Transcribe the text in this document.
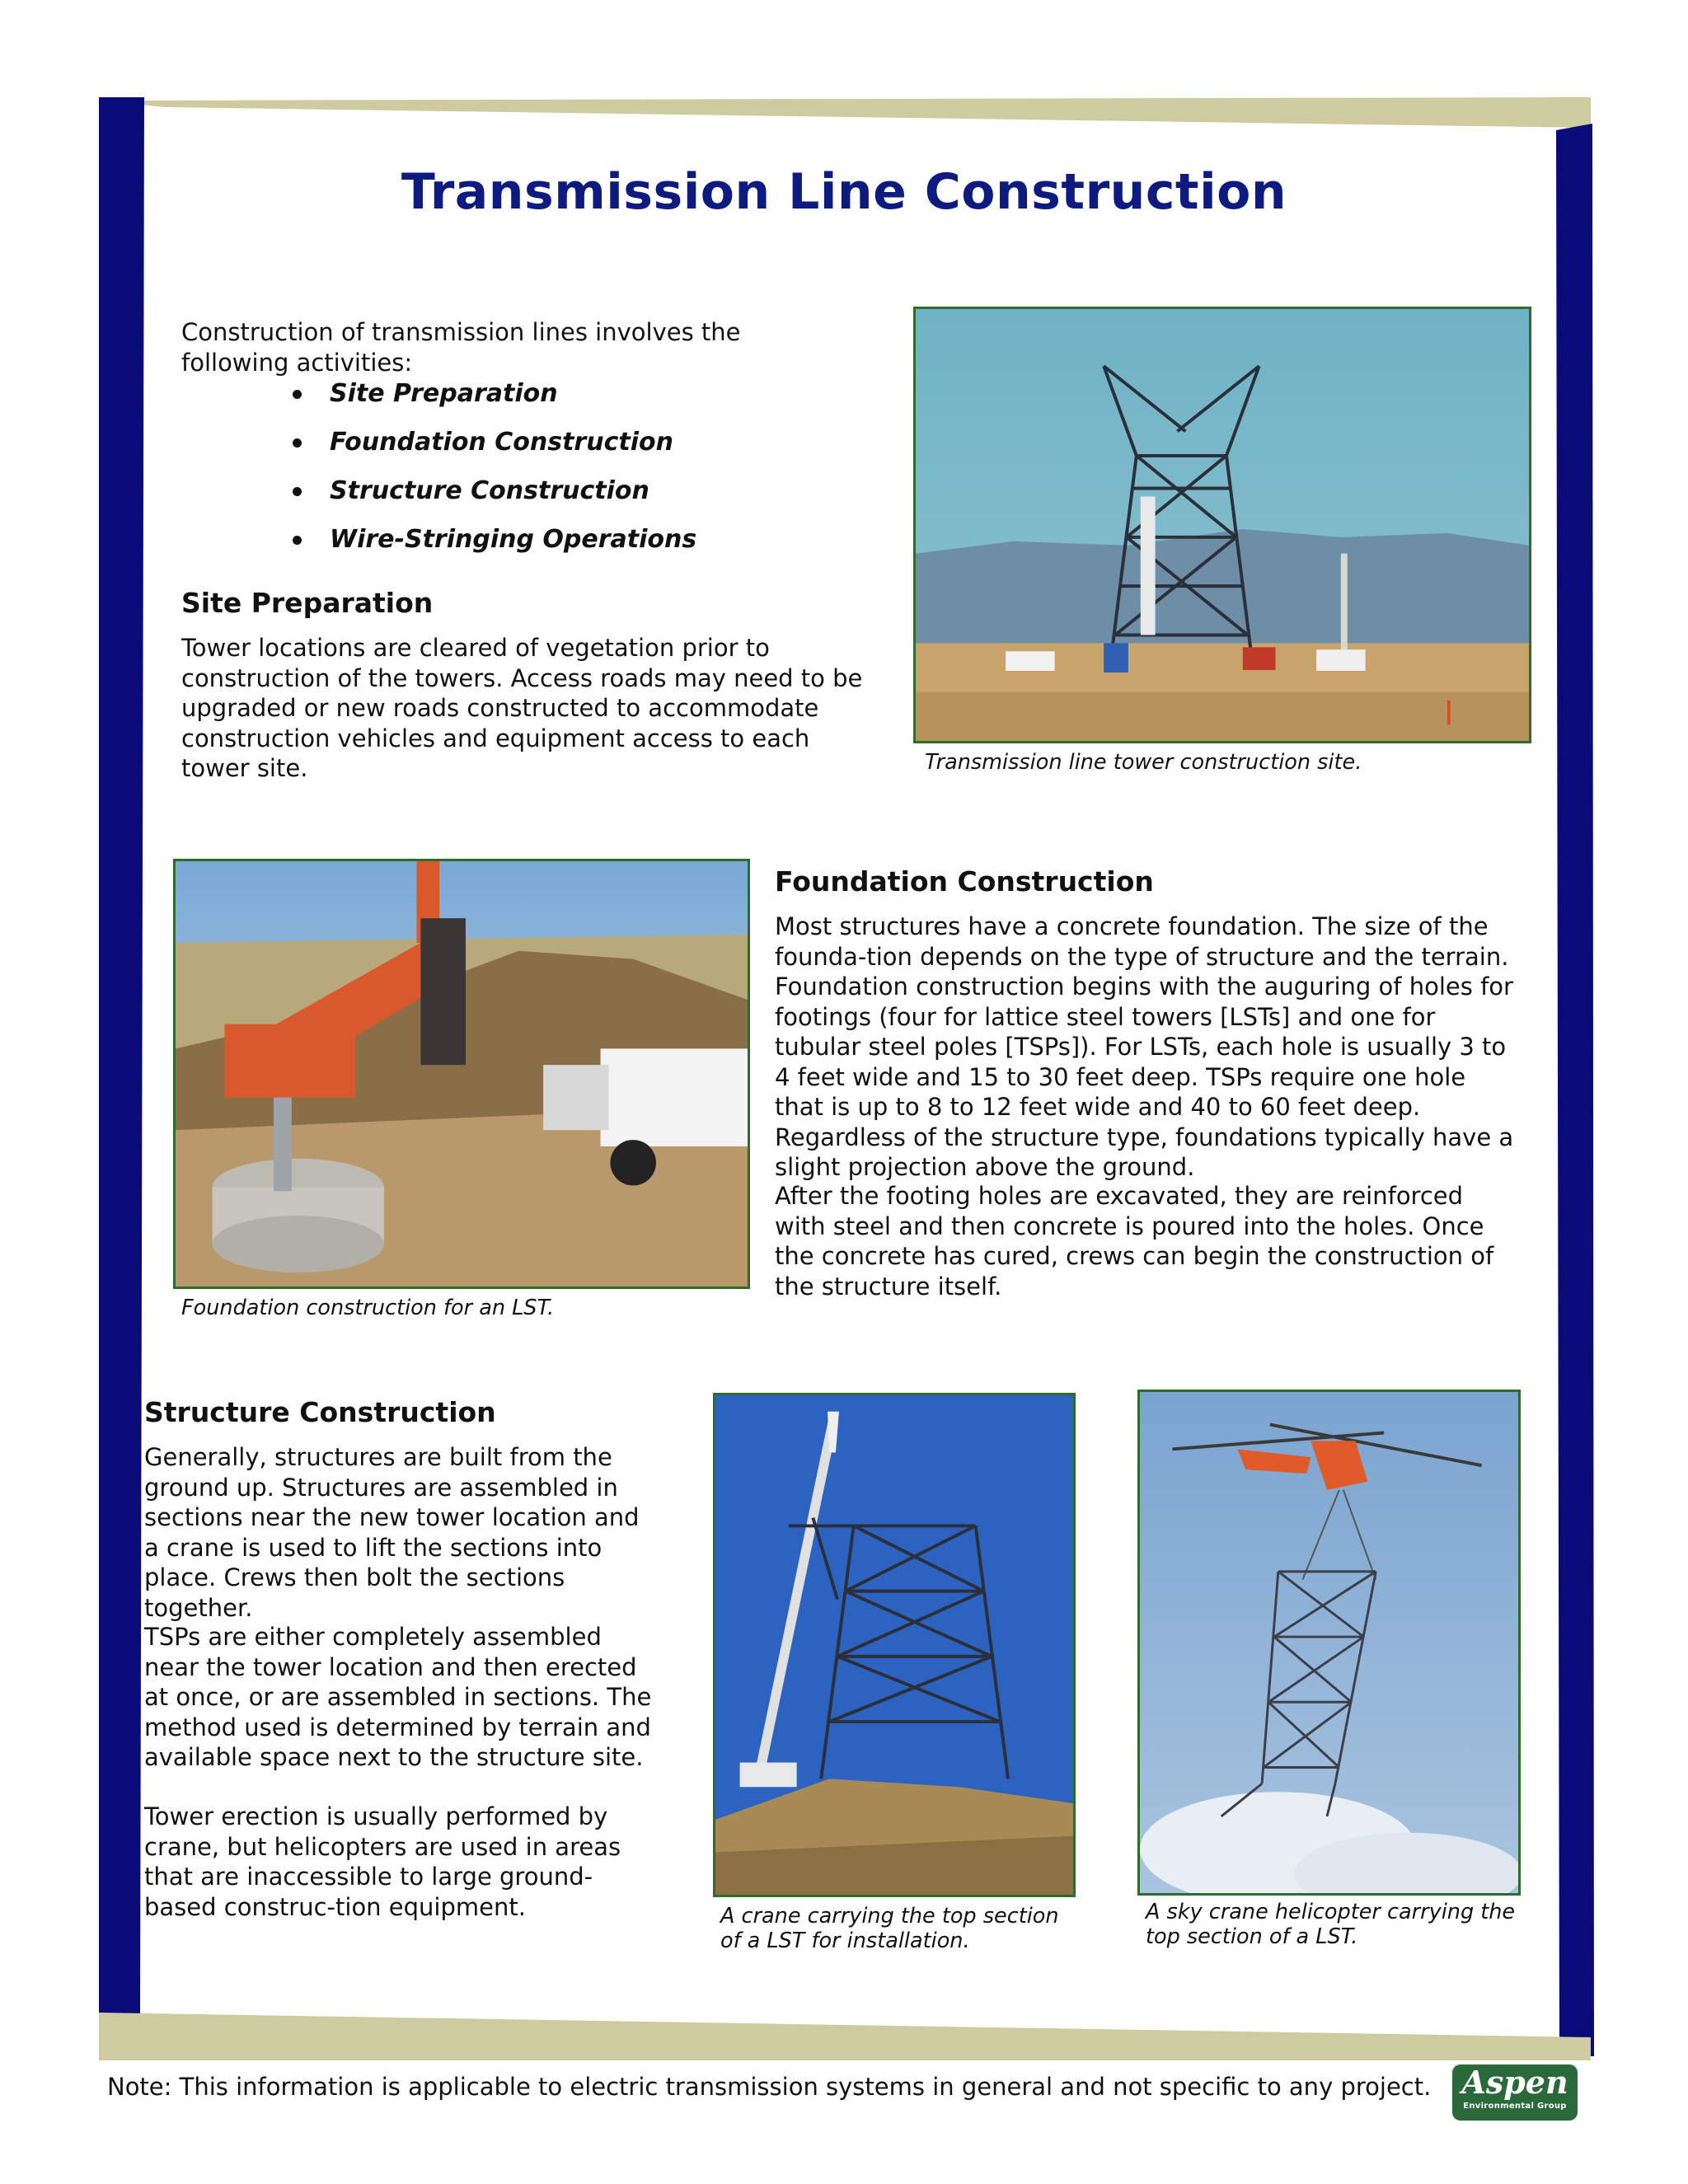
Transmission Line Construction
Construction of transmission lines involves the following activities:
Site Preparation
Foundation Construction
Structure Construction
Wire-Stringing Operations
Site Preparation
Tower locations are cleared of vegetation prior to construction of the towers. Access roads may need to be upgraded or new roads constructed to accommodate construction vehicles and equipment access to each tower site.	Transmission line tower construction site.
Foundation construction for an LST.
Foundation Construction
Most structures have a concrete foundation. The size of the founda-tion depends on the type of structure and the terrain. Foundation construction begins with the auguring of holes for footings (four for lattice steel towers [LSTs] and one for tubular steel poles [TSPs]). For LSTs, each hole is usually 3 to 4 feet wide and 15 to 30 feet deep. TSPs require one hole that is up to 8 to 12 feet wide and 40 to 60 feet deep. Regardless of the structure type, foundations typically have a slight projection above the ground.
After the footing holes are excavated, they are reinforced with steel and then concrete is poured into the holes. Once the concrete has cured, crews can begin the construction of the structure itself.
Structure Construction
Generally, structures are built from the ground up. Structures are assembled in sections near the new tower location and a crane is used to lift the sections into place. Crews then bolt the sections together.
TSPs are either completely assembled near the tower location and then erected at once, or are assembled in sections. The method used is determined by terrain and available space next to the structure site.
Tower erection is usually performed by crane, but helicopters are used in areas that are inaccessible to large ground-based construc-tion equipment.	A crane carrying the top section of a LST for installation.
A sky crane helicopter carrying the top section of a LST.
Note: This information is applicable to electric transmission systems in general and not specific to any project. Aspen
Environmental Group
